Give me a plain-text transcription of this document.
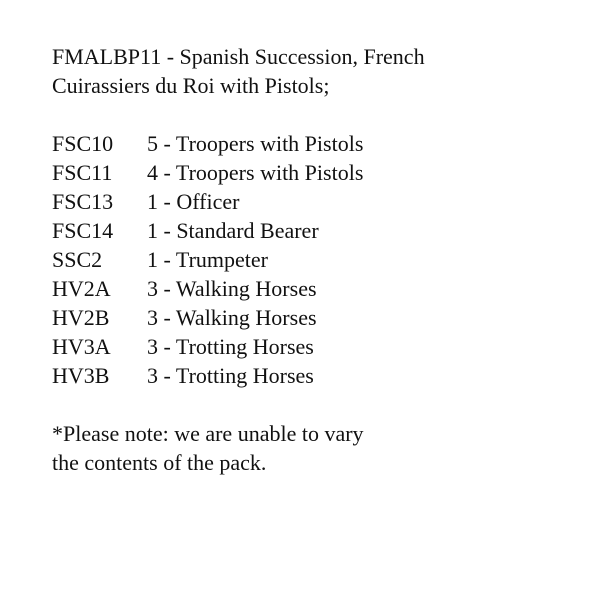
FMALBP11 - Spanish Succession, French
Cuirassiers du Roi with Pistols;
FSC10	5 - Troopers with Pistols
FSC11	4 - Troopers with Pistols
FSC13	1 - Officer
FSC14	1 - Standard Bearer
SSC2	1 - Trumpeter
HV2A	3 - Walking Horses
HV2B	3 - Walking Horses
HV3A	3 - Trotting Horses
HV3B	3 - Trotting Horses
*Please note: we are unable to vary
the contents of the pack.
